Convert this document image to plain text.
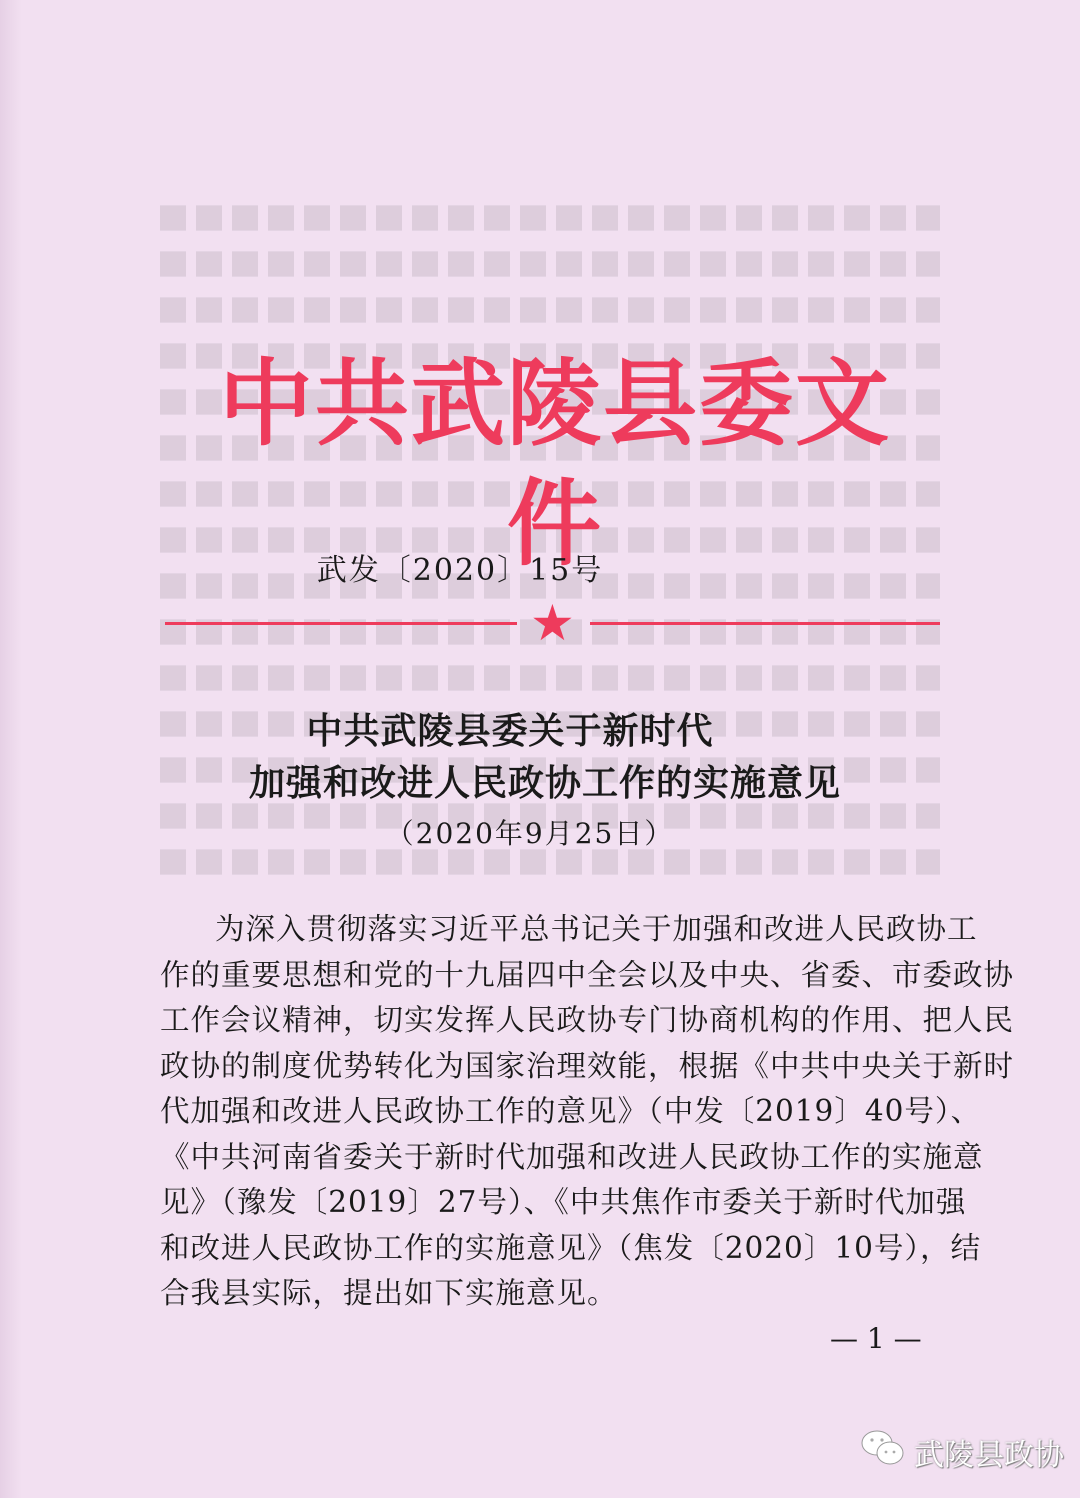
中共武陵县委文件
武发〔2020〕15号
★
中共武陵县委关于新时代
加强和改进人民政协工作的实施意见
（2020年9月25日）
为深入贯彻落实习近平总书记关于加强和改进人民政协工
作的重要思想和党的十九届四中全会以及中央、省委、市委政协
工作会议精神，切实发挥人民政协专门协商机构的作用、把人民
政协的制度优势转化为国家治理效能，根据《中共中央关于新时
代加强和改进人民政协工作的意见》（中发〔2019〕40号）、
《中共河南省委关于新时代加强和改进人民政协工作的实施意
见》（豫发〔2019〕27号）、《中共焦作市委关于新时代加强
和改进人民政协工作的实施意见》（焦发〔2020〕10号），结
合我县实际，提出如下实施意见。
— 1 —
武陵县政协
